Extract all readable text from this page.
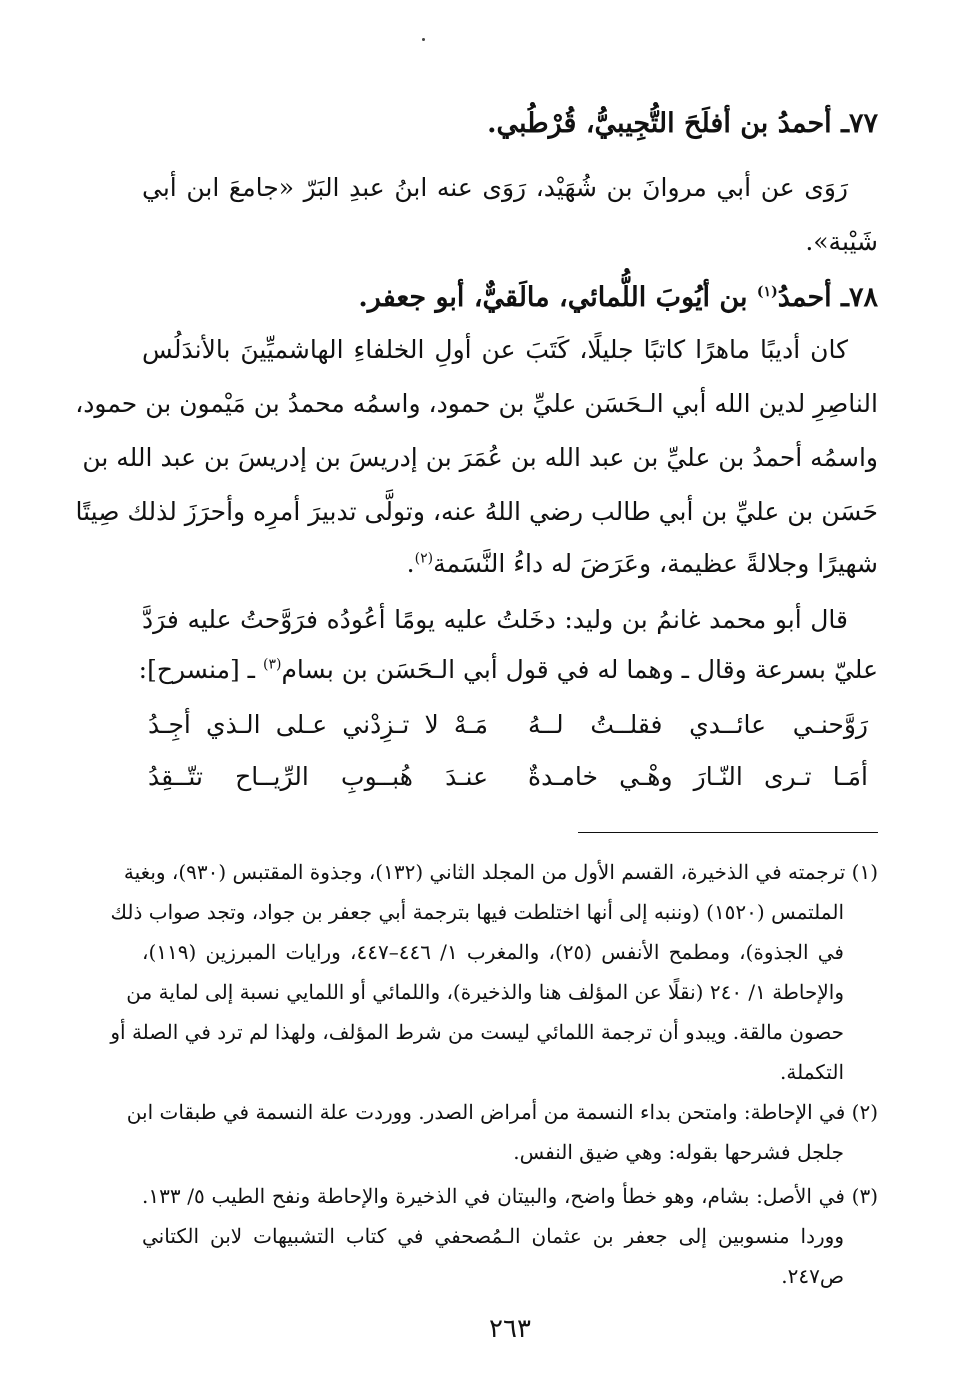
٧٧ـ أحمدُ بن أفلَحَ التُّجِيبيُّ، قُرْطُبي.
رَوَى عن أبي مروانَ بن شُهَيْد، رَوَى عنه ابنُ عبدِ البَرّ «جامعَ ابن أبي
شَيْبة».
٧٨ـ أحمدُ$^{(١)}$ بن أيُوبَ اللُّمائي، مالَقيٌّ، أبو جعفر.
كان أديبًا ماهرًا كاتبًا جليلًا، كَتَبَ عن أولِ الخلفاءِ الهاشميِّينَ بالأندَلُس
الناصِرِ لدين الله أبي الـحَسَن عليِّ بن حمود، واسمُه محمدُ بن مَيْمون بن حمود،
واسمُه أحمدُ بن عليِّ بن عبد الله بن عُمَرَ بن إدريسَ بن إدريسَ بن عبد الله بن
حَسَن بن عليِّ بن أبي طالب رضي اللهُ عنه، وتولَّى تدبيرَ أمرِه وأحرَزَ لذلك صِيتًا
شهيرًا وجلالةً عظيمة، وعَرَضَ له داءُ النَّسَمة$^{(٢)}$.
قال أبو محمد غانمُ بن وليد: دخَلتُ عليه يومًا أعُودُه فرَوَّحتُ عليه فرَدَّ
عليّ بسرعة وقال ـ وهما له في قول أبي الـحَسَن بن بسام$^{(٣)}$ ـ [منسرح]:
رَوَّحنـي عائــدي فقلــتُ لــهُ
مَـهْ لا تـزِدْني عـلى الـذي أجِـدُ
أمَـا تـرى النّـارَ وهْـي خامـدةٌ
عنـدَ هُبــوبِ الرِّيــاح تتّــقِدُ
(١) ترجمته في الذخيرة، القسم الأول من المجلد الثاني (١٣٢)، وجذوة المقتبس (٩٣٠)، وبغية
الملتمس (١٥٢٠) (وننبه إلى أنها اختلطت فيها بترجمة أبي جعفر بن جواد، وتجد صواب ذلك
في الجذوة)، ومطمح الأنفس (٢٥)، والمغرب ١/ ٤٤٦–٤٤٧، ورايات المبرزين (١١٩)،
والإحاطة ١/ ٢٤٠ (نقلًا عن المؤلف هنا والذخيرة)، واللمائي أو اللمايي نسبة إلى لماية من
حصون مالقة. ويبدو أن ترجمة اللمائي ليست من شرط المؤلف، ولهذا لم ترد في الصلة أو
التكملة.
(٢) في الإحاطة: وامتحن بداء النسمة من أمراض الصدر. ووردت علة النسمة في طبقات ابن
جلجل فشرحها بقوله: وهي ضيق النفس.
(٣) في الأصل: بشام، وهو خطأ واضح، والبيتان في الذخيرة والإحاطة ونفح الطيب ٥/ ١٣٣.
ووردا منسوبين إلى جعفر بن عثمان الـمُصحفي في كتاب التشبيهات لابن الكتاني
ص٢٤٧.
٢٦٣
